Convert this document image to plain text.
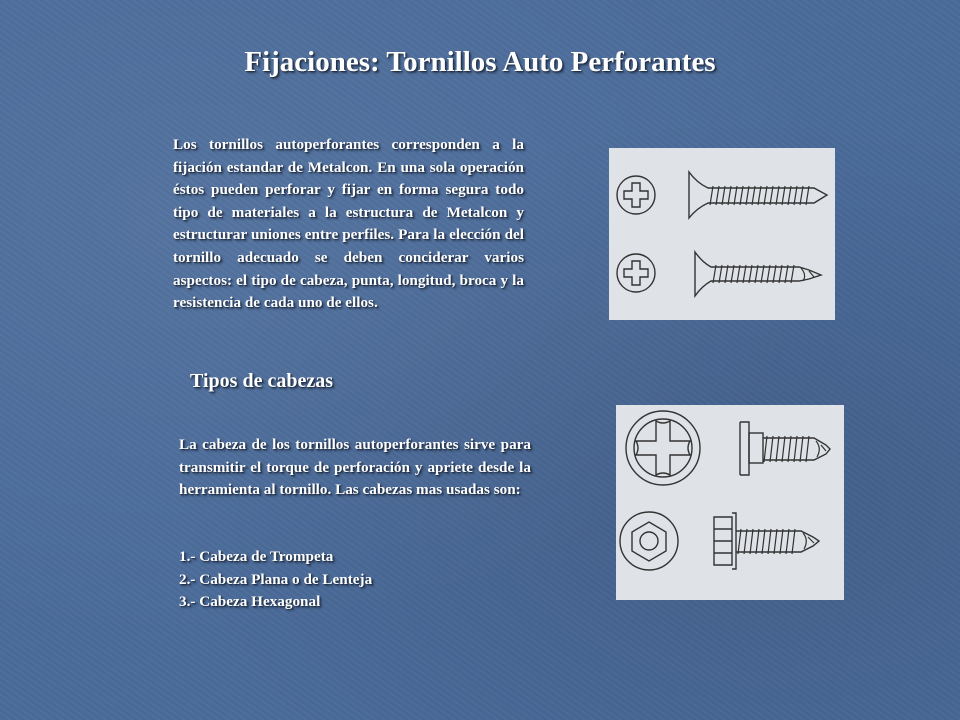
Fijaciones: Tornillos Auto Perforantes
Los tornillos autoperforantes corresponden a la fijación estandar de Metalcon. En una sola operación éstos pueden perforar y fijar en forma segura todo tipo de materiales a la estructura de Metalcon y estructurar uniones entre perfiles. Para la elección del tornillo adecuado se deben conciderar varios aspectos: el tipo de cabeza, punta, longitud, broca y la resistencia de cada uno de ellos.
Tipos de cabezas
La cabeza de los tornillos autoperforantes sirve para transmitir el torque de perforación y apriete desde la herramienta al tornillo. Las cabezas mas usadas son:
1.- Cabeza de Trompeta
2.- Cabeza Plana o de Lenteja
3.- Cabeza Hexagonal
